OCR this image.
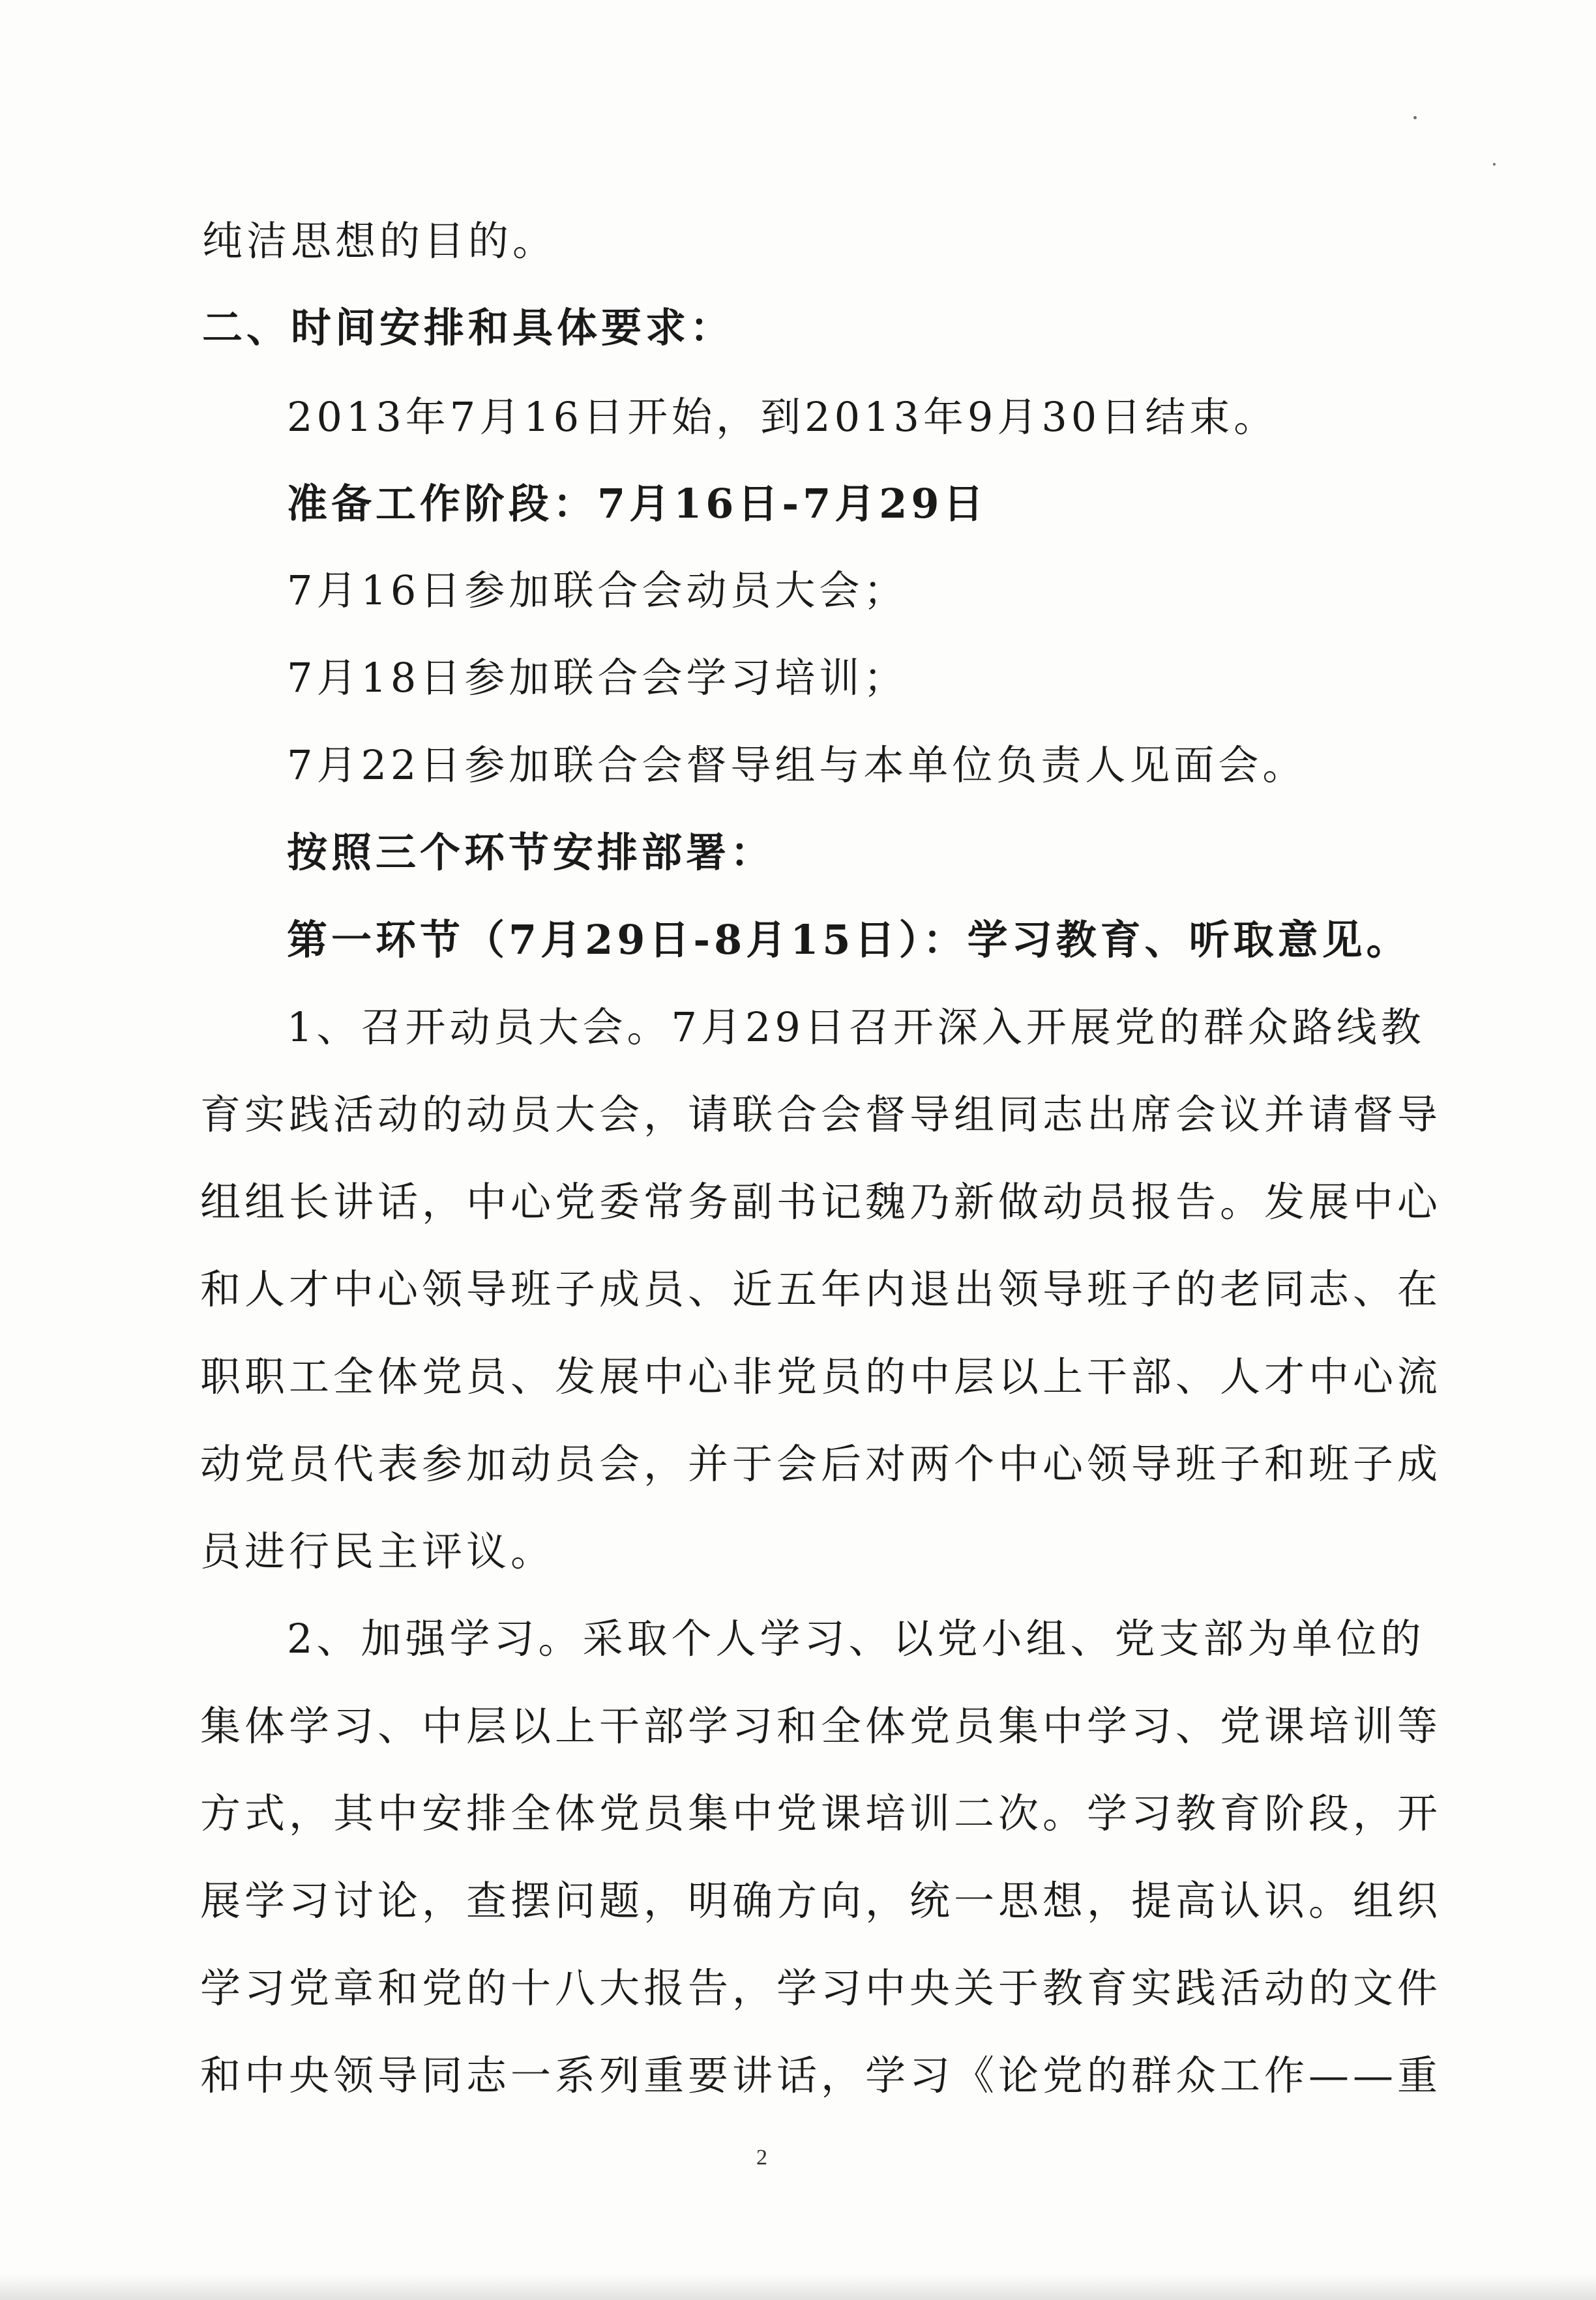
纯洁思想的目的。
二、时间安排和具体要求：
2013年7月16日开始，到2013年9月30日结束。
准备工作阶段：7月16日-7月29日
7月16日参加联合会动员大会；
7月18日参加联合会学习培训；
7月22日参加联合会督导组与本单位负责人见面会。
按照三个环节安排部署：
第一环节（7月29日-8月15日）：学习教育、听取意见。
1、召开动员大会。7月29日召开深入开展党的群众路线教
育实践活动的动员大会，请联合会督导组同志出席会议并请督导
组组长讲话，中心党委常务副书记魏乃新做动员报告。发展中心
和人才中心领导班子成员、近五年内退出领导班子的老同志、在
职职工全体党员、发展中心非党员的中层以上干部、人才中心流
动党员代表参加动员会，并于会后对两个中心领导班子和班子成
员进行民主评议。
2、加强学习。采取个人学习、以党小组、党支部为单位的
集体学习、中层以上干部学习和全体党员集中学习、党课培训等
方式，其中安排全体党员集中党课培训二次。学习教育阶段，开
展学习讨论，查摆问题，明确方向，统一思想，提高认识。组织
学习党章和党的十八大报告，学习中央关于教育实践活动的文件
和中央领导同志一系列重要讲话，学习《论党的群众工作——重
2
